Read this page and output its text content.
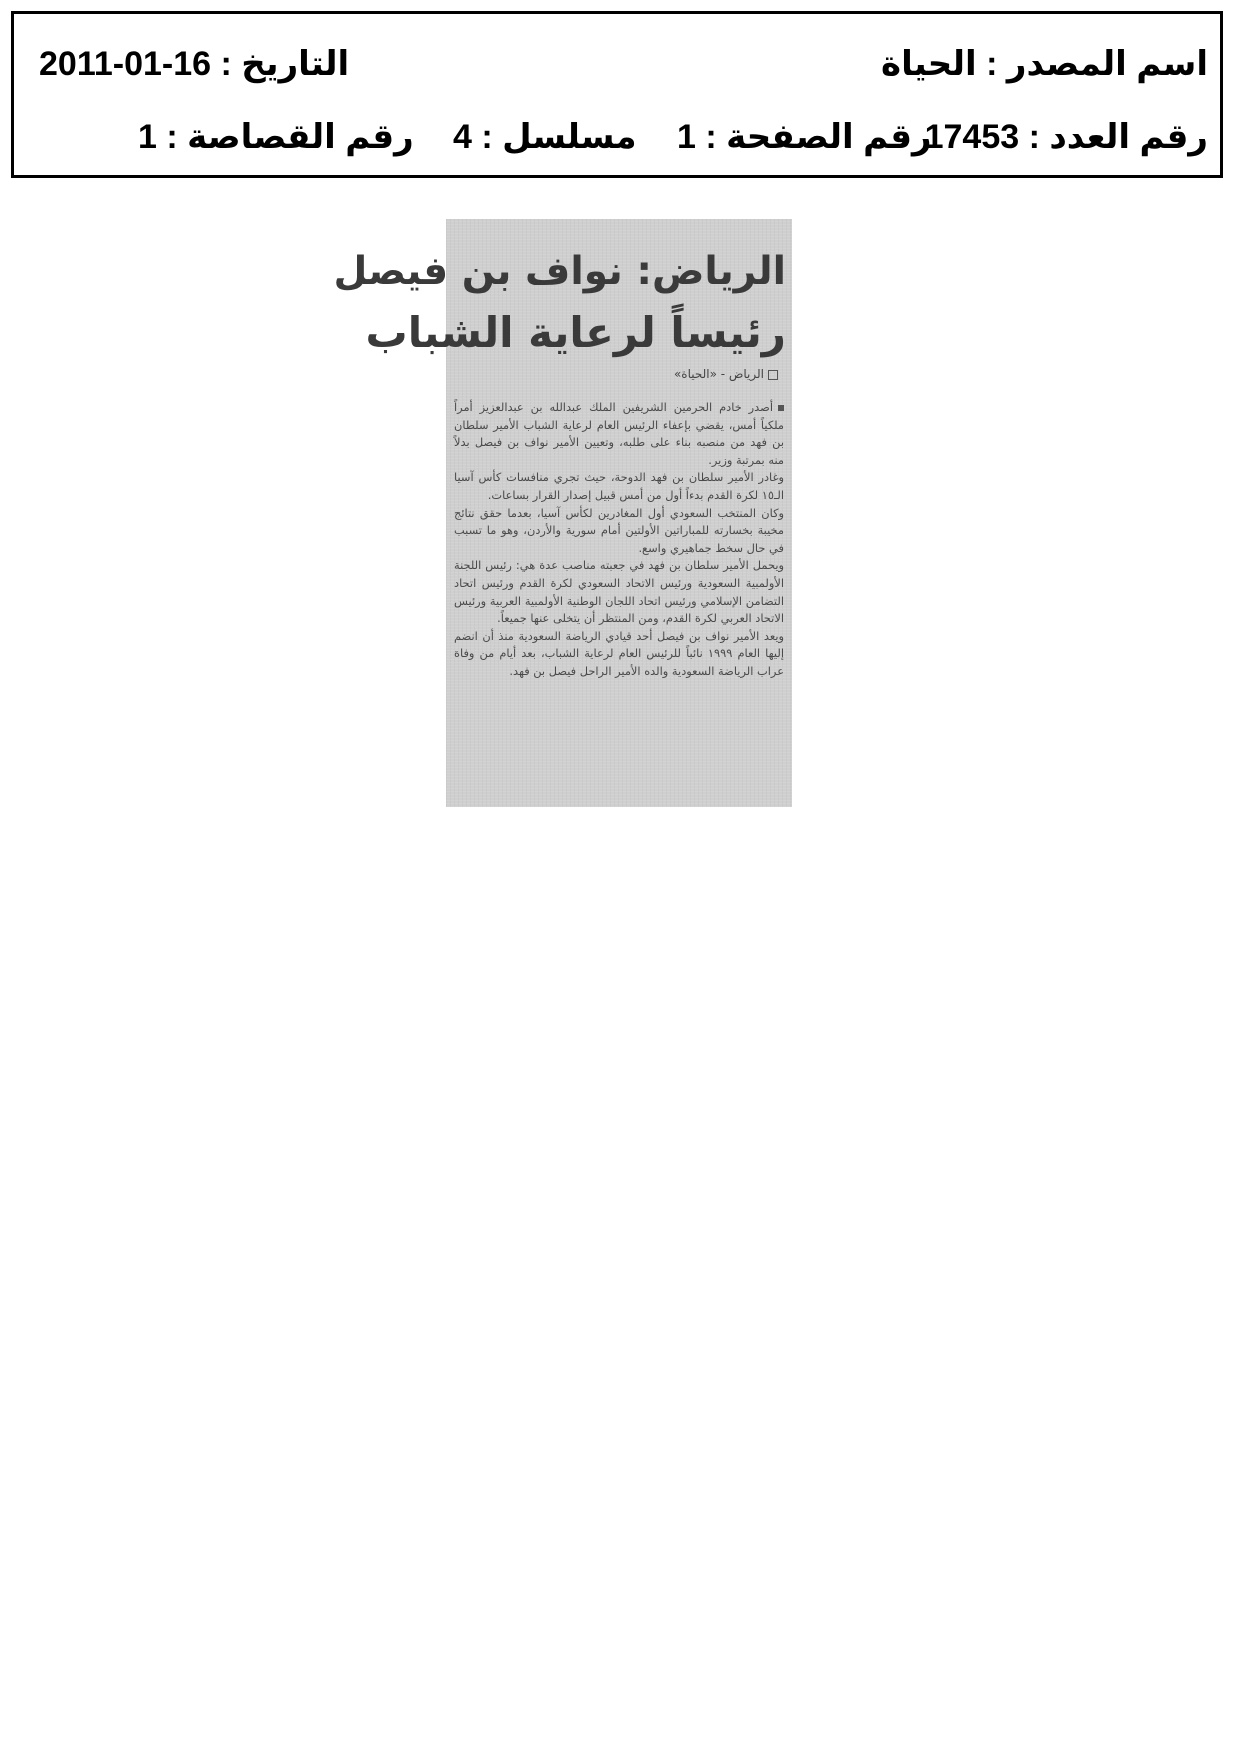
اسم المصدر : الحياة
التاريخ : 16-01-2011
رقم العدد : 17453
رقم الصفحة : 1
مسلسل : 4
رقم القصاصة : 1
الرياض: نواف بن فيصل
رئيساً لرعاية الشباب
الرياض - «الحياة»

أصدر خادم الحرمين الشريفين الملك عبدالله بن عبدالعزيز أمراً ملكياً أمس، يقضي بإعفاء الرئيس العام لرعاية الشباب الأمير سلطان بن فهد من منصبه بناء على طلبه، وتعيين الأمير نواف بن فيصل بدلاً منه بمرتبة وزير.

وغادر الأمير سلطان بن فهد الدوحة، حيث تجري منافسات كأس آسيا الـ١٥ لكرة القدم بدءاً أول من أمس قبيل إصدار القرار بساعات.

وكان المنتخب السعودي أول المغادرين لكأس آسيا، بعدما حقق نتائج مخيبة بخسارته للمباراتين الأولتين أمام سورية والأردن، وهو ما تسبب في حال سخط جماهيري واسع.

ويحمل الأمير سلطان بن فهد في جعبته مناصب عدة هي: رئيس اللجنة الأولمبية السعودية ورئيس الاتحاد السعودي لكرة القدم ورئيس اتحاد التضامن الإسلامي ورئيس اتحاد اللجان الوطنية الأولمبية العربية ورئيس الاتحاد العربي لكرة القدم، ومن المنتظر أن يتخلى عنها جميعاً.

ويعد الأمير نواف بن فيصل أحد قيادي الرياضة السعودية منذ أن انضم إليها العام ١٩٩٩ نائباً للرئيس العام لرعاية الشباب، بعد أيام من وفاة عراب الرياضة السعودية والده الأمير الراحل فيصل بن فهد.
